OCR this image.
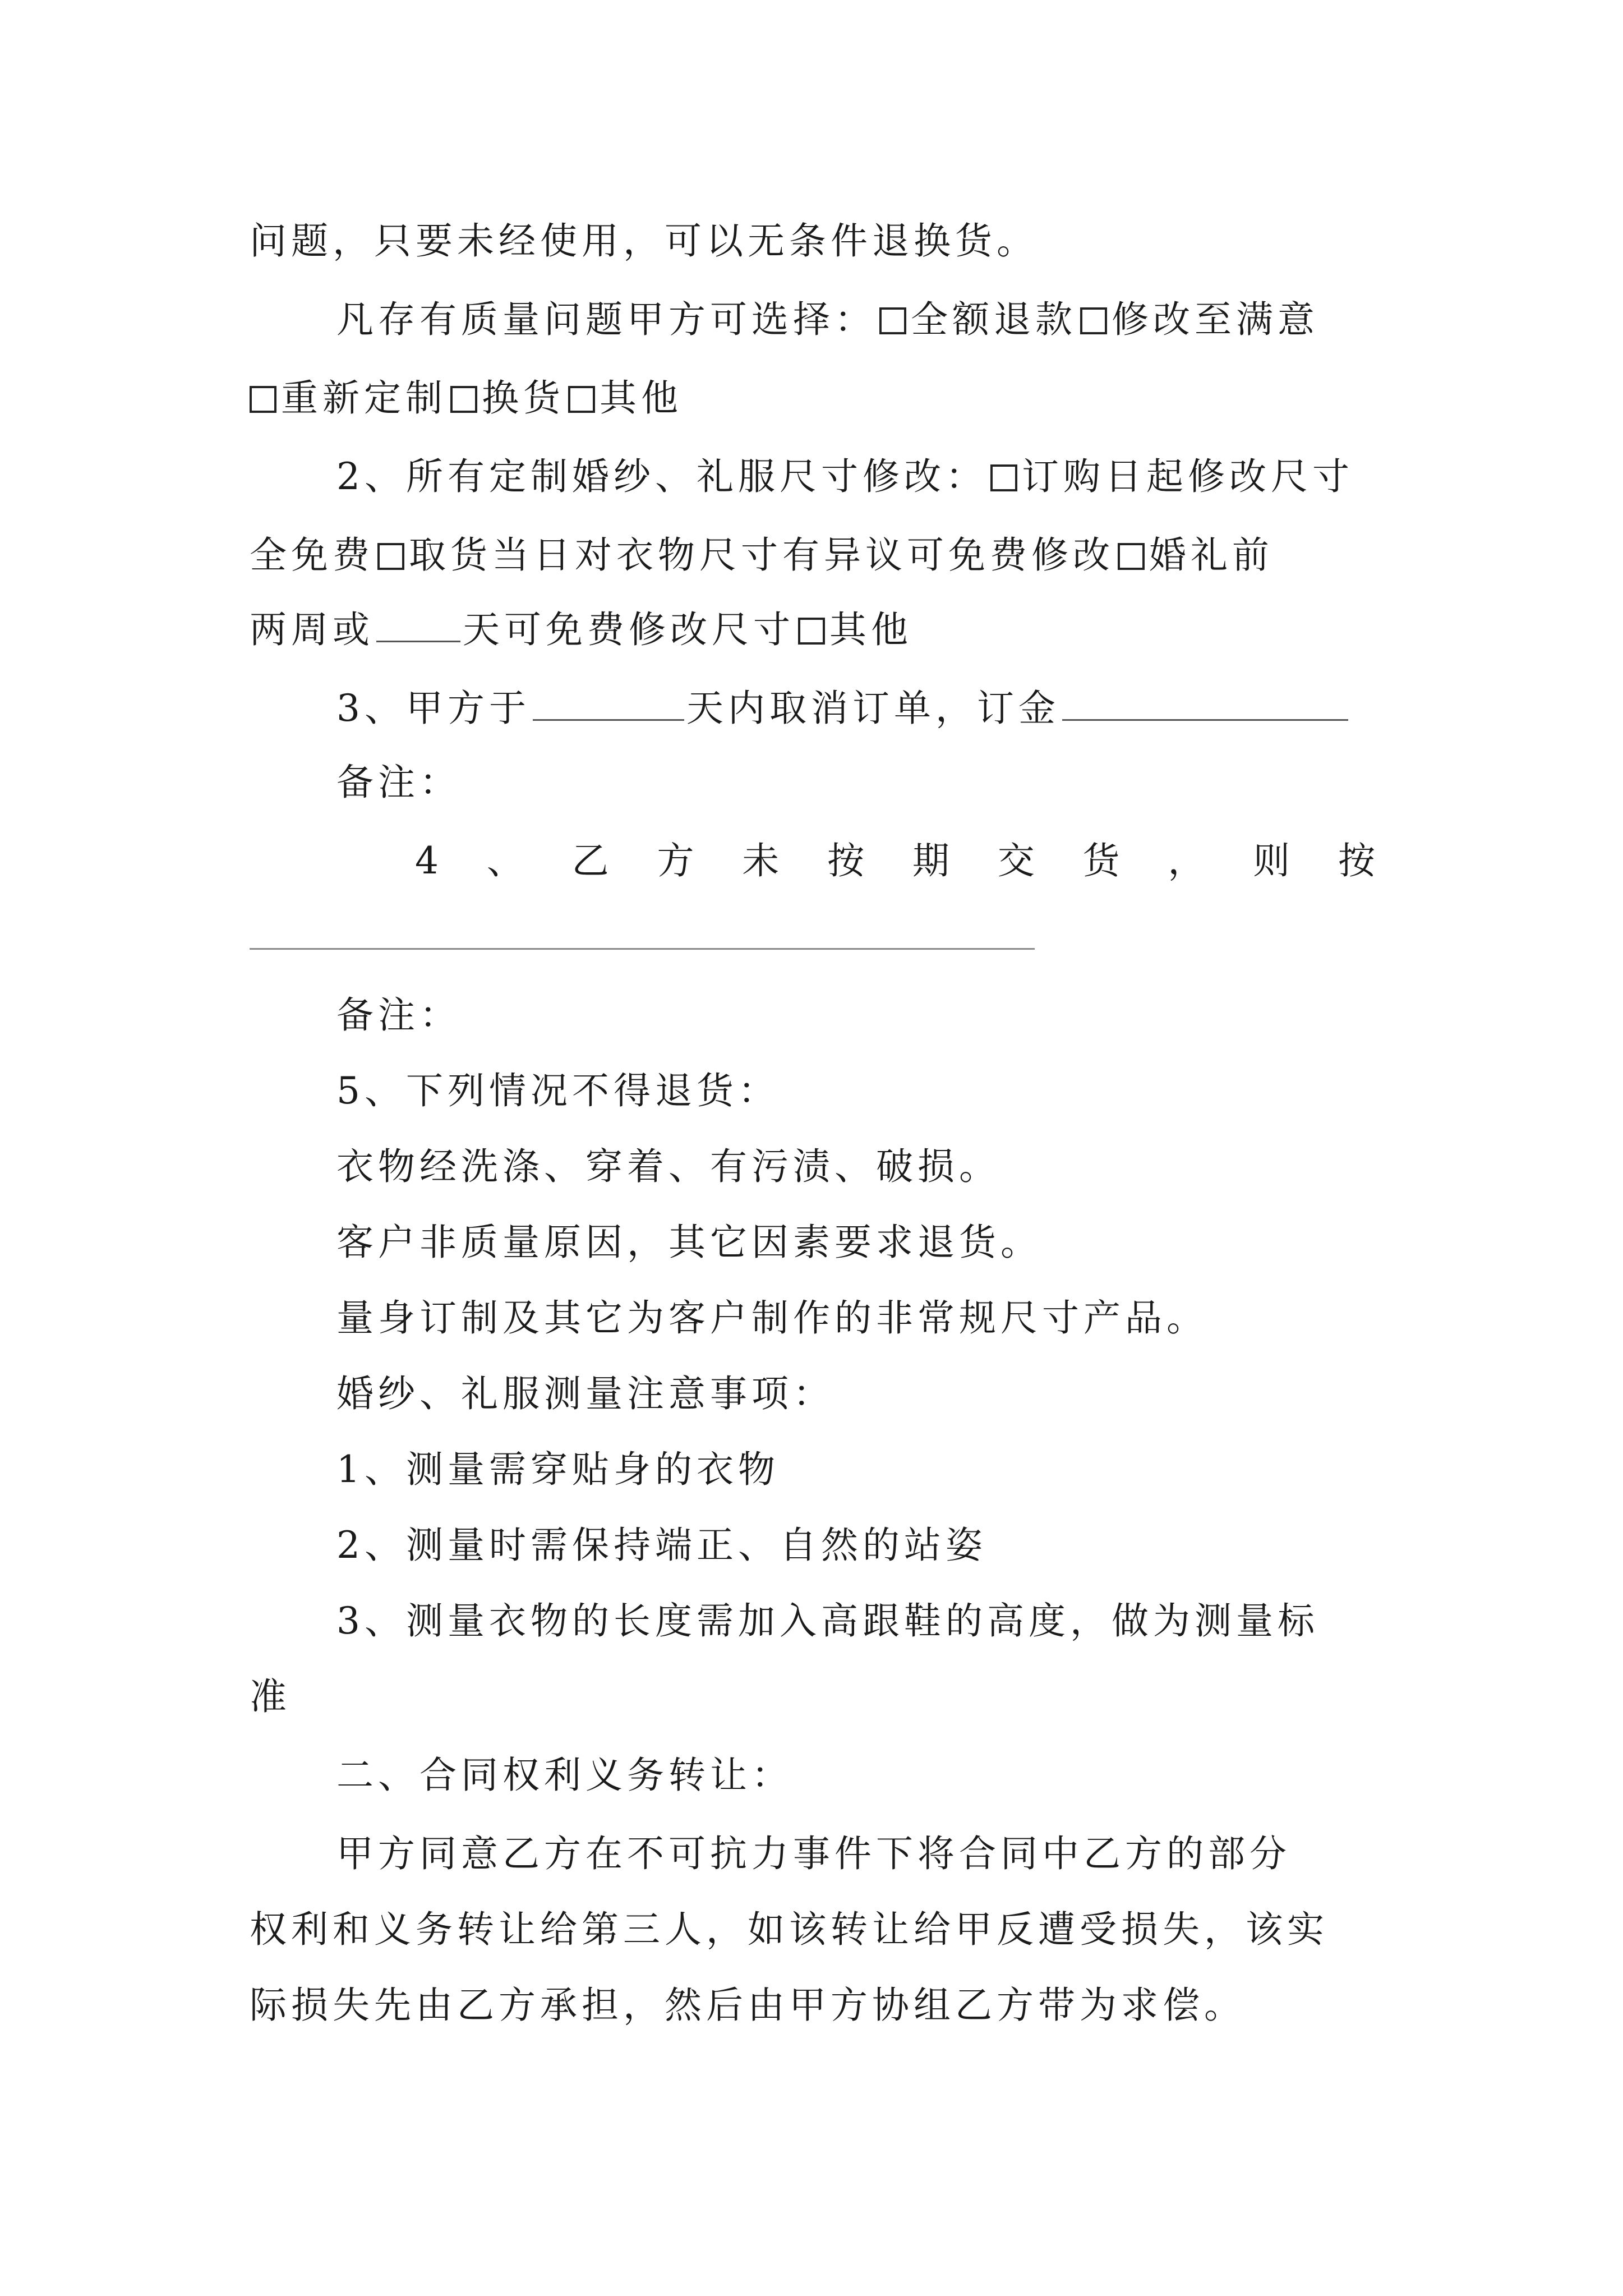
问题，只要未经使用，可以无条件退换货。
凡存有质量问题甲方可选择： 全额退款 修改至满意
重新定制 换货 其他
2、所有定制婚纱、礼服尺寸修改： 订购日起修改尺寸
全免费 取货当日对衣物尺寸有异议可免费修改 婚礼前
两周或 天可免费修改尺寸 其他
3、甲方于	天内取消订单，订金
备注：
4 、 乙 方 未 按 期 交 货 ， 则 按
备注：
5、下列情况不得退货：
衣物经洗涤、穿着、有污渍、破损。
客户非质量原因，其它因素要求退货。
量身订制及其它为客户制作的非常规尺寸产品。
婚纱、礼服测量注意事项：
1、测量需穿贴身的衣物
2、测量时需保持端正、自然的站姿
3、测量衣物的长度需加入高跟鞋的高度，做为测量标
准
二、合同权利义务转让：
甲方同意乙方在不可抗力事件下将合同中乙方的部分
权利和义务转让给第三人，如该转让给甲反遭受损失，该实
际损失先由乙方承担，然后由甲方协组乙方带为求偿。
